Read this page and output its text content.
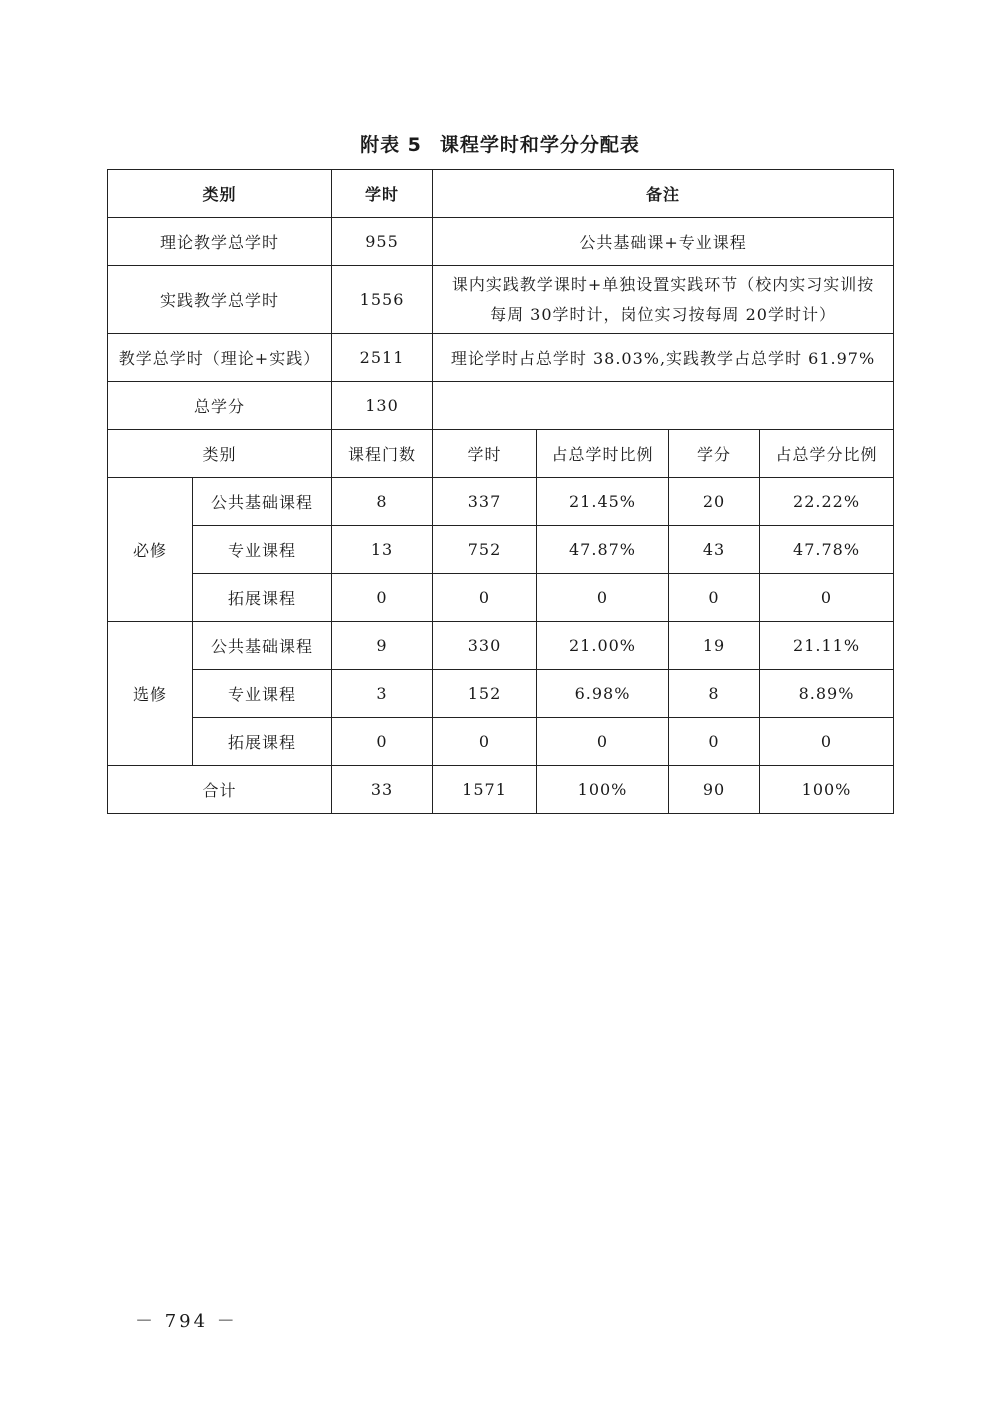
附表 5 课程学时和学分分配表
类别		学时	备注			
理论教学总学时		955	公共基础课+专业课程			
实践教学总学时		1556	课内实践教学课时+单独设置实践环节（校内实习实训按
每周 30学时计，岗位实习按每周 20学时计）			

教学总学时（理论+实践）		2511	理论学时占总学时 38.03%,实践教学占总学时 61.97%			
总学分		130				
类别		课程门数	学时	占总学时比例	学分	占总学分比例
必修	公共基础课程	8	337	21.45%	20	22.22%
	专业课程	13	752	47.87%	43	47.78%
	拓展课程	0	0	0	0	0
选修	公共基础课程	9	330	21.00%	19	21.11%
	专业课程	3	152	6.98%	8	8.89%
	拓展课程	0	0	0	0	0
合计		33	1571	100%	90	100%
－ 794 －
